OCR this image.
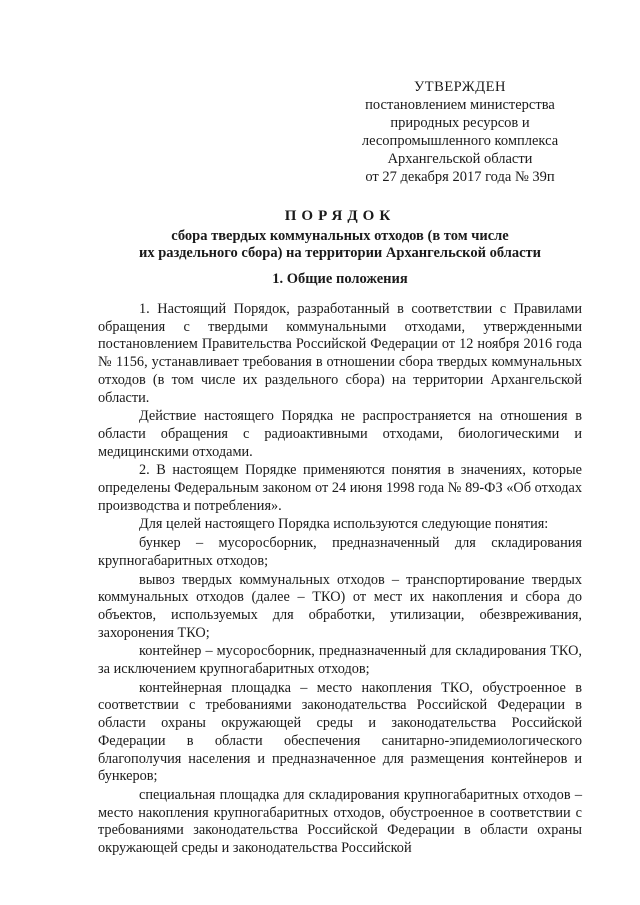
УТВЕРЖДЕН
постановлением министерства
природных ресурсов и
лесопромышленного комплекса
Архангельской области
от 27 декабря 2017 года № 39п
ПОРЯДОК
сбора твердых коммунальных отходов (в том числе
их раздельного сбора) на территории Архангельской области
1. Общие положения

1. Настоящий Порядок, разработанный в соответствии с Правилами обращения с твердыми коммунальными отходами, утвержденными постановлением Правительства Российской Федерации от 12 ноября 2016 года № 1156, устанавливает требования в отношении сбора твердых коммунальных отходов (в том числе их раздельного сбора) на территории Архангельской области.

Действие настоящего Порядка не распространяется на отношения в области обращения с радиоактивными отходами, биологическими и медицинскими отходами.

2. В настоящем Порядке применяются понятия в значениях, которые определены Федеральным законом от 24 июня 1998 года № 89-ФЗ «Об отходах производства и потребления».

Для целей настоящего Порядка используются следующие понятия:

бункер – мусоросборник, предназначенный для складирования крупногабаритных отходов;

вывоз твердых коммунальных отходов – транспортирование твердых коммунальных отходов (далее – ТКО) от мест их накопления и сбора до объектов, используемых для обработки, утилизации, обезвреживания, захоронения ТКО;

контейнер – мусоросборник, предназначенный для складирования ТКО, за исключением крупногабаритных отходов;

контейнерная площадка – место накопления ТКО, обустроенное в соответствии с требованиями законодательства Российской Федерации в области охраны окружающей среды и законодательства Российской Федерации в области обеспечения санитарно-эпидемиологического благополучия населения и предназначенное для размещения контейнеров и бункеров;

специальная площадка для складирования крупногабаритных отходов – место накопления крупногабаритных отходов, обустроенное в соответствии с требованиями законодательства Российской Федерации в области охраны окружающей среды и законодательства Российской
